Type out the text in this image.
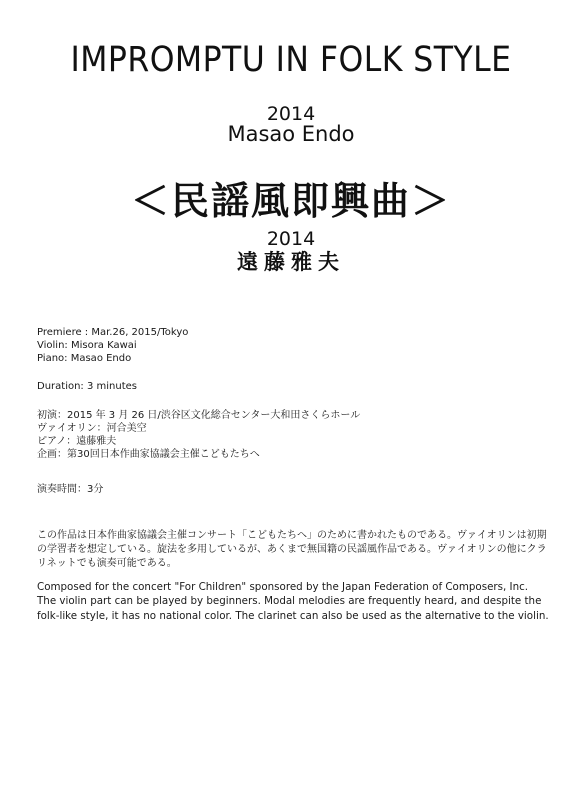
IMPROMPTU IN FOLK STYLE
2014
Masao Endo
＜民謡風即興曲＞
2014
遠藤雅夫
Premiere : Mar.26, 2015/Tokyo
Violin: Misora Kawai
Piano: Masao Endo
Duration: 3 minutes
初演：2015 年 3 月 26 日/渋谷区文化総合センター大和田さくらホール
ヴァイオリン：河合美空
ピアノ：遠藤雅夫
企画：第30回日本作曲家協議会主催こどもたちへ
演奏時間：3分
この作品は日本作曲家協議会主催コンサート「こどもたちへ」のために書かれたものである。ヴァイオリンは初期の学習者を想定している。旋法を多用しているが、あくまで無国籍の民謡風作品である。ヴァイオリンの他にクラリネットでも演奏可能である。
Composed for the concert "For Children" sponsored by the Japan Federation of Composers, Inc. The violin part can be played by beginners. Modal melodies are frequently heard, and despite the folk-like style, it has no national color. The clarinet can also be used as the alternative to the violin.
